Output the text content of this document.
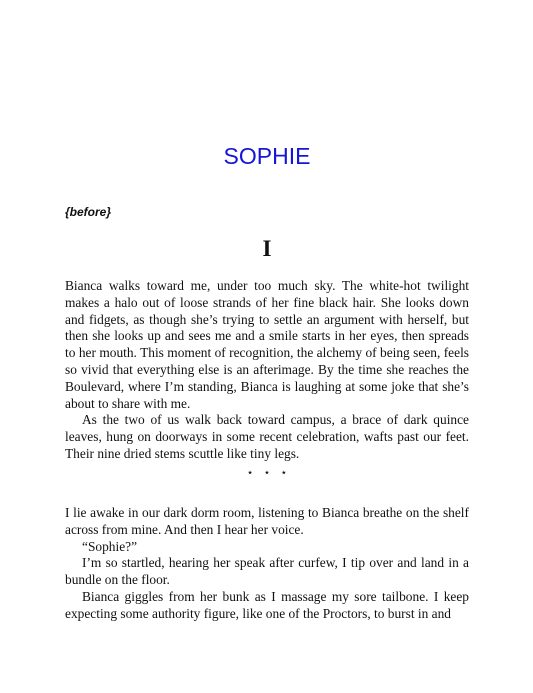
SOPHIE
{before}
I

Bianca walks toward me, under too much sky. The white-hot twilight makes a halo out of loose strands of her fine black hair. She looks down and fidgets, as though she’s trying to settle an argument with herself, but then she looks up and sees me and a smile starts in her eyes, then spreads to her mouth. This moment of recognition, the alchemy of being seen, feels so vivid that everything else is an afterimage. By the time she reaches the Boulevard, where I’m standing, Bianca is laughing at some joke that she’s about to share with me.

As the two of us walk back toward campus, a brace of dark quince leaves, hung on doorways in some recent celebration, wafts past our feet. Their nine dried stems scuttle like tiny legs.

⋆⋆⋆

I lie awake in our dark dorm room, listening to Bianca breathe on the shelf across from mine. And then I hear her voice.

“Sophie?”

I’m so startled, hearing her speak after curfew, I tip over and land in a bundle on the floor.

Bianca giggles from her bunk as I massage my sore tailbone. I keep expecting some authority figure, like one of the Proctors, to burst in and
